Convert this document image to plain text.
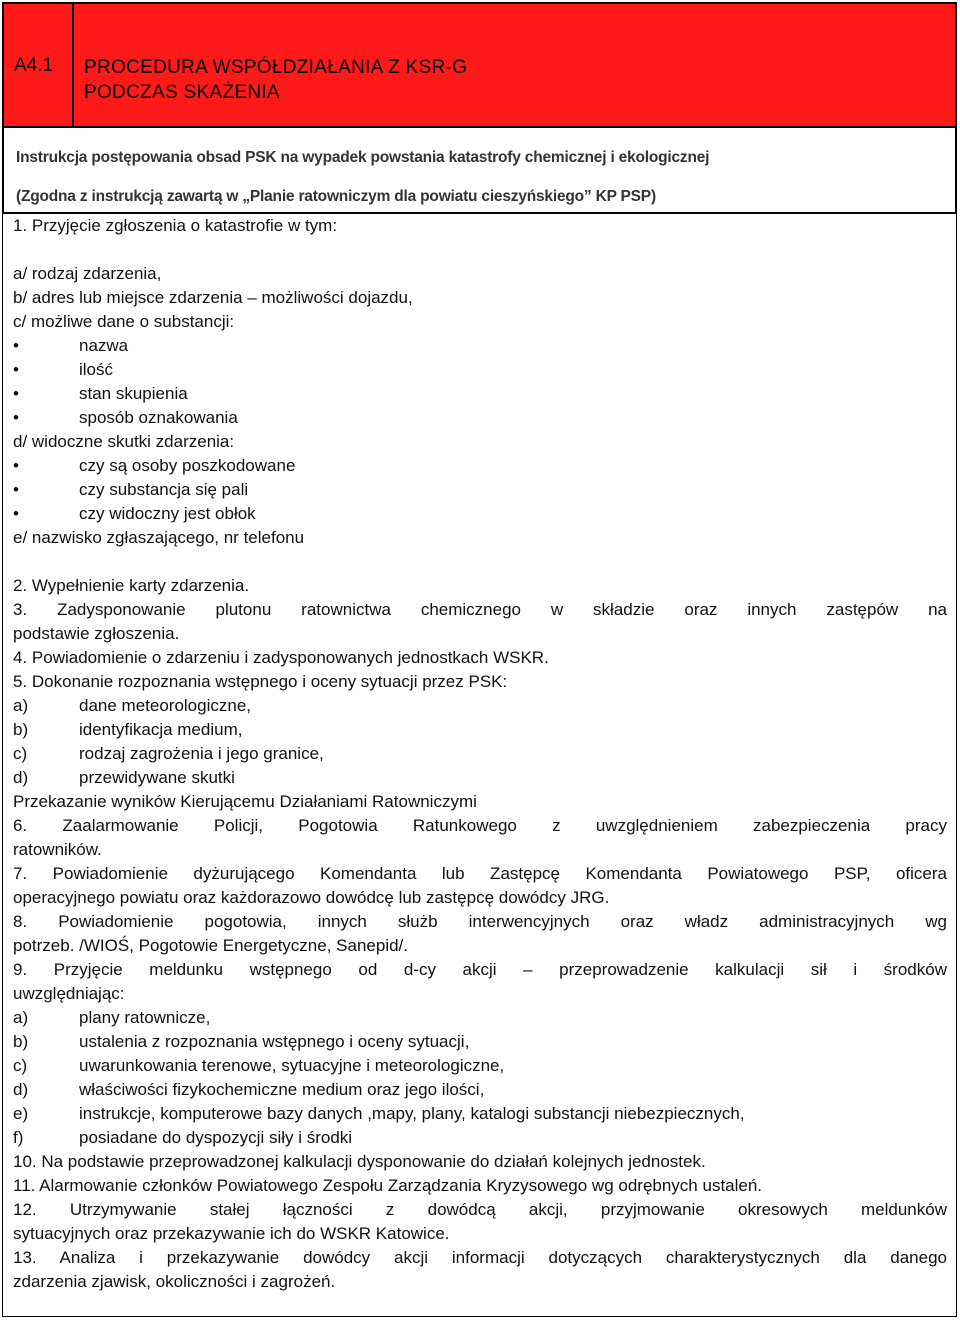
A4.1 PROCEDURA WSPÓŁDZIAŁANIA Z KSR-G
PODCZAS SKAŻENIA
Instrukcja postępowania obsad PSK na wypadek powstania katastrofy chemicznej i ekologicznej
(Zgodna z instrukcją zawartą w „Planie ratowniczym dla powiatu cieszyńskiego” KP PSP)
1. Przyjęcie zgłoszenia o katastrofie w tym:
a/ rodzaj zdarzenia,
b/ adres lub miejsce zdarzenia – możliwości dojazdu,
c/ możliwe dane o substancji:
• nazwa
• ilość
• stan skupienia
• sposób oznakowania
d/ widoczne skutki zdarzenia:
• czy są osoby poszkodowane
• czy substancja się pali
• czy widoczny jest obłok
e/ nazwisko zgłaszającego, nr telefonu
2. Wypełnienie karty zdarzenia.
3. Zadysponowanie plutonu ratownictwa chemicznego w składzie oraz innych zastępów na
podstawie zgłoszenia.
4. Powiadomienie o zdarzeniu i zadysponowanych jednostkach WSKR.
5. Dokonanie rozpoznania wstępnego i oceny sytuacji przez PSK:
a)	dane meteorologiczne,
b)	identyfikacja medium,
c)	rodzaj zagrożenia i jego granice,
d)	przewidywane skutki
Przekazanie wyników Kierującemu Działaniami Ratowniczymi
6. Zaalarmowanie Policji, Pogotowia Ratunkowego z uwzględnieniem zabezpieczenia pracy
ratowników.
7. Powiadomienie dyżurującego Komendanta lub Zastępcę Komendanta Powiatowego PSP, oficera
operacyjnego powiatu oraz każdorazowo dowódcę lub zastępcę dowódcy JRG.
8. Powiadomienie pogotowia, innych służb interwencyjnych oraz władz administracyjnych wg
potrzeb. /WIOŚ, Pogotowie Energetyczne, Sanepid/.
9. Przyjęcie meldunku wstępnego od d-cy akcji – przeprowadzenie kalkulacji sił i środków
uwzględniając:
a)	plany ratownicze,
b)	ustalenia z rozpoznania wstępnego i oceny sytuacji,
c)	uwarunkowania terenowe, sytuacyjne i meteorologiczne,
d)	właściwości fizykochemiczne medium oraz jego ilości,
e)	instrukcje, komputerowe bazy danych ,mapy, plany, katalogi substancji niebezpiecznych,
f)	posiadane do dyspozycji siły i środki
10. Na podstawie przeprowadzonej kalkulacji dysponowanie do działań kolejnych jednostek.
11. Alarmowanie członków Powiatowego Zespołu Zarządzania Kryzysowego wg odrębnych ustaleń.
12. Utrzymywanie stałej łączności z dowódcą akcji, przyjmowanie okresowych meldunków
sytuacyjnych oraz przekazywanie ich do WSKR Katowice.
13. Analiza i przekazywanie dowódcy akcji informacji dotyczących charakterystycznych dla danego
zdarzenia zjawisk, okoliczności i zagrożeń.
